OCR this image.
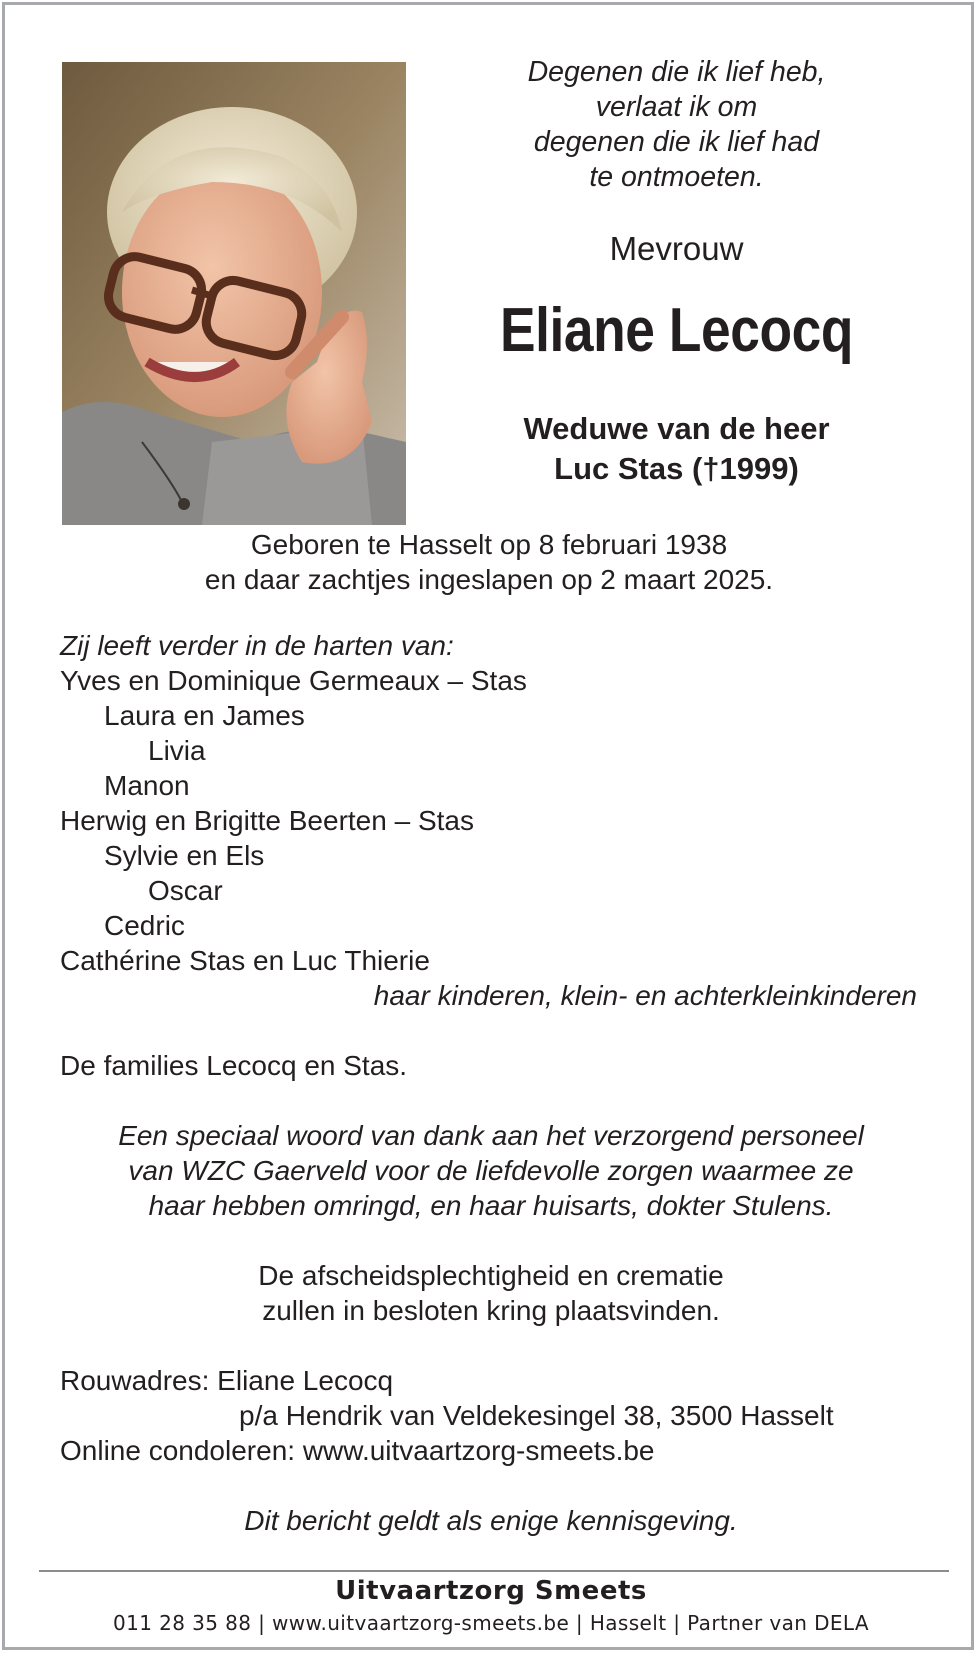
Degenen die ik lief heb,
verlaat ik om
degenen die ik lief had
te ontmoeten.
Mevrouw
Eliane Lecocq
Weduwe van de heer
Luc Stas (†1999)
Geboren te Hasselt op 8 februari 1938
en daar zachtjes ingeslapen op 2 maart 2025.
Zij leeft verder in de harten van:
Yves en Dominique Germeaux – Stas
Laura en James
Livia
Manon
Herwig en Brigitte Beerten – Stas
Sylvie en Els
Oscar
Cedric
Cathérine Stas en Luc Thierie
haar kinderen, klein- en achterkleinkinderen
De families Lecocq en Stas.
Een speciaal woord van dank aan het verzorgend personeel
van WZC Gaerveld voor de liefdevolle zorgen waarmee ze
haar hebben omringd, en haar huisarts, dokter Stulens.
De afscheidsplechtigheid en crematie
zullen in besloten kring plaatsvinden.
Rouwadres: Eliane Lecocq
p/a Hendrik van Veldekesingel 38, 3500 Hasselt
Online condoleren: www.uitvaartzorg-smeets.be
Dit bericht geldt als enige kennisgeving.
Uitvaartzorg Smeets
011 28 35 88 | www.uitvaartzorg-smeets.be | Hasselt | Partner van DELA
